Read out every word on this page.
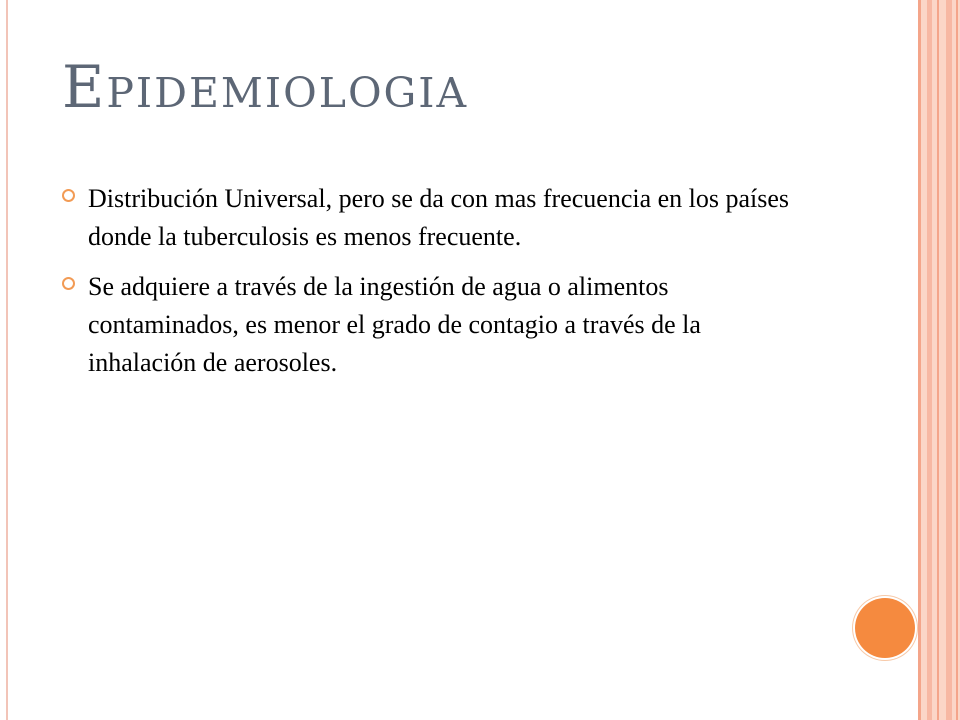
Epidemiologia
Distribución Universal, pero se da con mas frecuencia en los países donde la tuberculosis es menos frecuente.
Se adquiere a través de la ingestión de agua o alimentos contaminados, es menor el grado de contagio a través de la inhalación de aerosoles.
